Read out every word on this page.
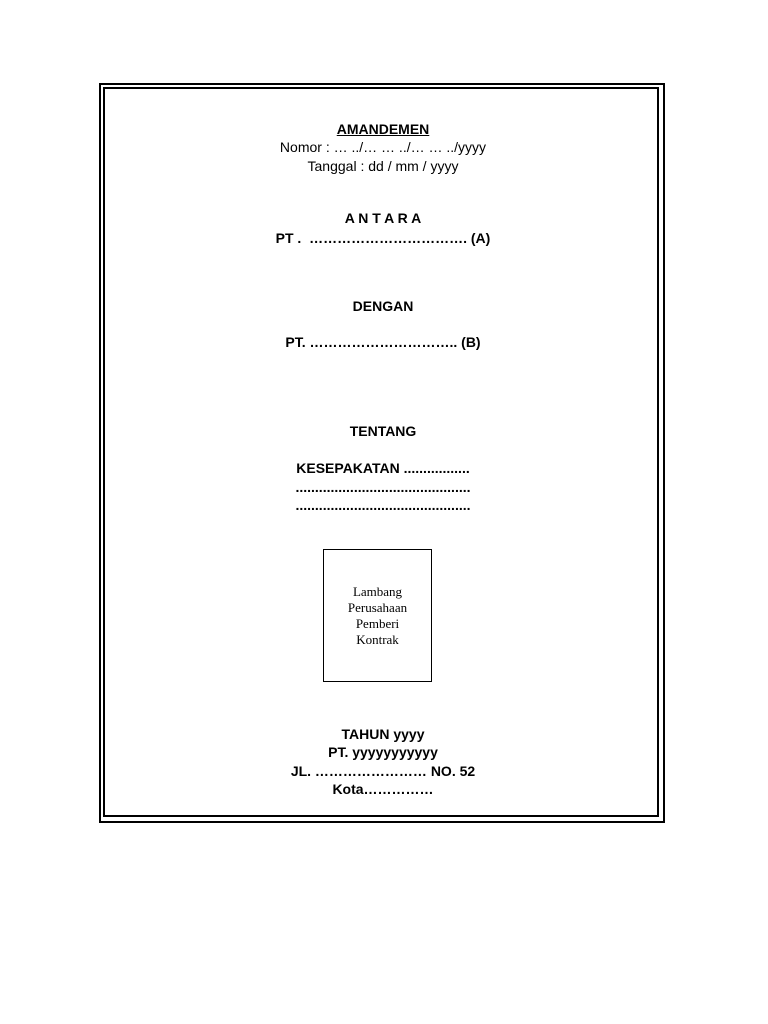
AMANDEMEN
Nomor : … ../… … ../… … ../yyyy
Tanggal : dd / mm / yyyy
A N T A R A
PT .  ……………………………. (A)
DENGAN
PT. ………………………….. (B)
TENTANG
KESEPAKATAN .................
.............................................
.............................................
Lambang
Perusahaan
Pemberi
Kontrak
TAHUN yyyy
PT. yyyyyyyyyyy
JL. …………………… NO. 52
Kota……………
